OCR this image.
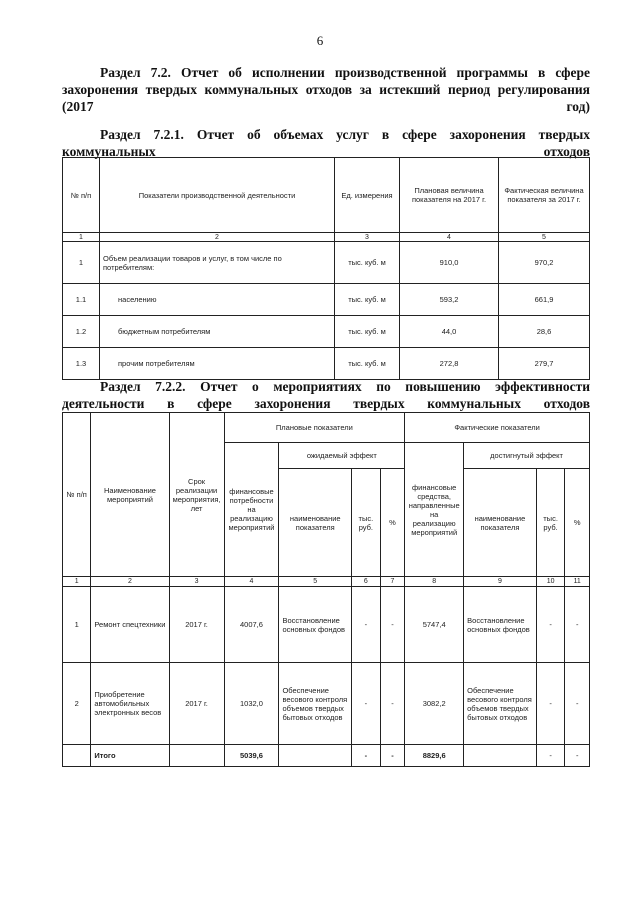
6
Раздел 7.2. Отчет об исполнении производственной программы в сфере захоронения твердых коммунальных отходов за истекший период регулирования (2017 год)
Раздел 7.2.1. Отчет об объемах услуг в сфере захоронения твердых коммунальных отходов
№ п/п	Показатели производственной деятельности	Ед. измерения	Плановая величина показателя на 2017 г.	Фактическая величина показателя за 2017 г.
1	2	3	4	5
1	Объем реализации товаров и услуг, в том числе по потребителям:	тыс. куб. м	910,0	970,2
1.1	населению	тыс. куб. м	593,2	661,9
1.2	бюджетным потребителям	тыс. куб. м	44,0	28,6
1.3	прочим потребителям	тыс. куб. м	272,8	279,7
Раздел 7.2.2. Отчет о мероприятиях по повышению эффективности деятельности в сфере захоронения твердых коммунальных отходов
№ п/п	Наименование мероприятий	Срок реализации мероприятия, лет	Плановые показатели				Фактические показатели			
			финансовые потребности на реализацию мероприятий	ожидаемый эффект			финансовые средства, направленные на реализацию мероприятий	достигнутый эффект		
				наименование показателя	тыс. руб.	%		наименование показателя	тыс. руб.	%
1	2	3	4	5	6	7	8	9	10	11
1	Ремонт спецтехники	2017 г.	4007,6	Восстановление основных фондов	-	-	5747,4	Восстановление основных фондов	-	-
2	Приобретение автомобильных электронных весов	2017 г.	1032,0	Обеспечение весового контроля объемов твердых бытовых отходов	-	-	3082,2	Обеспечение весового контроля объемов твердых бытовых отходов	-	-
	Итого		5039,6		-	-	8829,6		-	-
